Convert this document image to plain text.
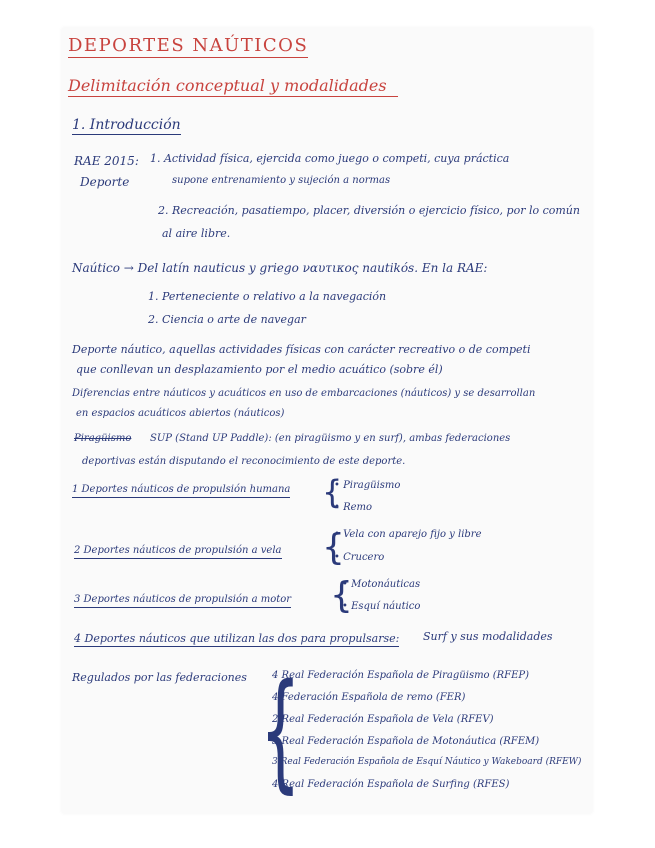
DEPORTES NAÚTICOS
Delimitación conceptual y modalidades
1. Introducción
RAE 2015:
Deporte
1. Actividad física, ejercida como juego o competi, cuya práctica
supone entrenamiento y sujeción a normas
2. Recreación, pasatiempo, placer, diversión o ejercicio físico, por lo común
al aire libre.
Naútico → Del latín nauticus y griego ναυτικος nautikós. En la RAE:
1. Perteneciente o relativo a la navegación
2. Ciencia o arte de navegar
Deporte náutico, aquellas actividades físicas con carácter recreativo o de competi
que conllevan un desplazamiento por el medio acuático (sobre él)
Diferencias entre náuticos y acuáticos en uso de embarcaciones (náuticos) y se desarrollan
en espacios acuáticos abiertos (náuticos)
Piragüismo SUP (Stand UP Paddle): (en piragüismo y en surf), ambas federaciones
deportivas están disputando el reconocimiento de este deporte.
1 Deportes náuticos de propulsión humana {
• Piragüismo
• Remo
2 Deportes náuticos de propulsión a vela {
• Vela con aparejo fijo y libre
• Crucero
3 Deportes náuticos de propulsión a motor {
• Motonáuticas
• Esquí náutico
4 Deportes náuticos que utilizan las dos para propulsarse: Surf y sus modalidades
Regulados por las federaciones {
4 Real Federación Española de Piragüismo (RFEP)
4 Federación Española de remo (FER)
2 Real Federación Española de Vela (RFEV)
3 Real Federación Española de Motonáutica (RFEM)
3 Real Federación Española de Esquí Náutico y Wakeboard (RFEW)
4 Real Federación Española de Surfing (RFES)
